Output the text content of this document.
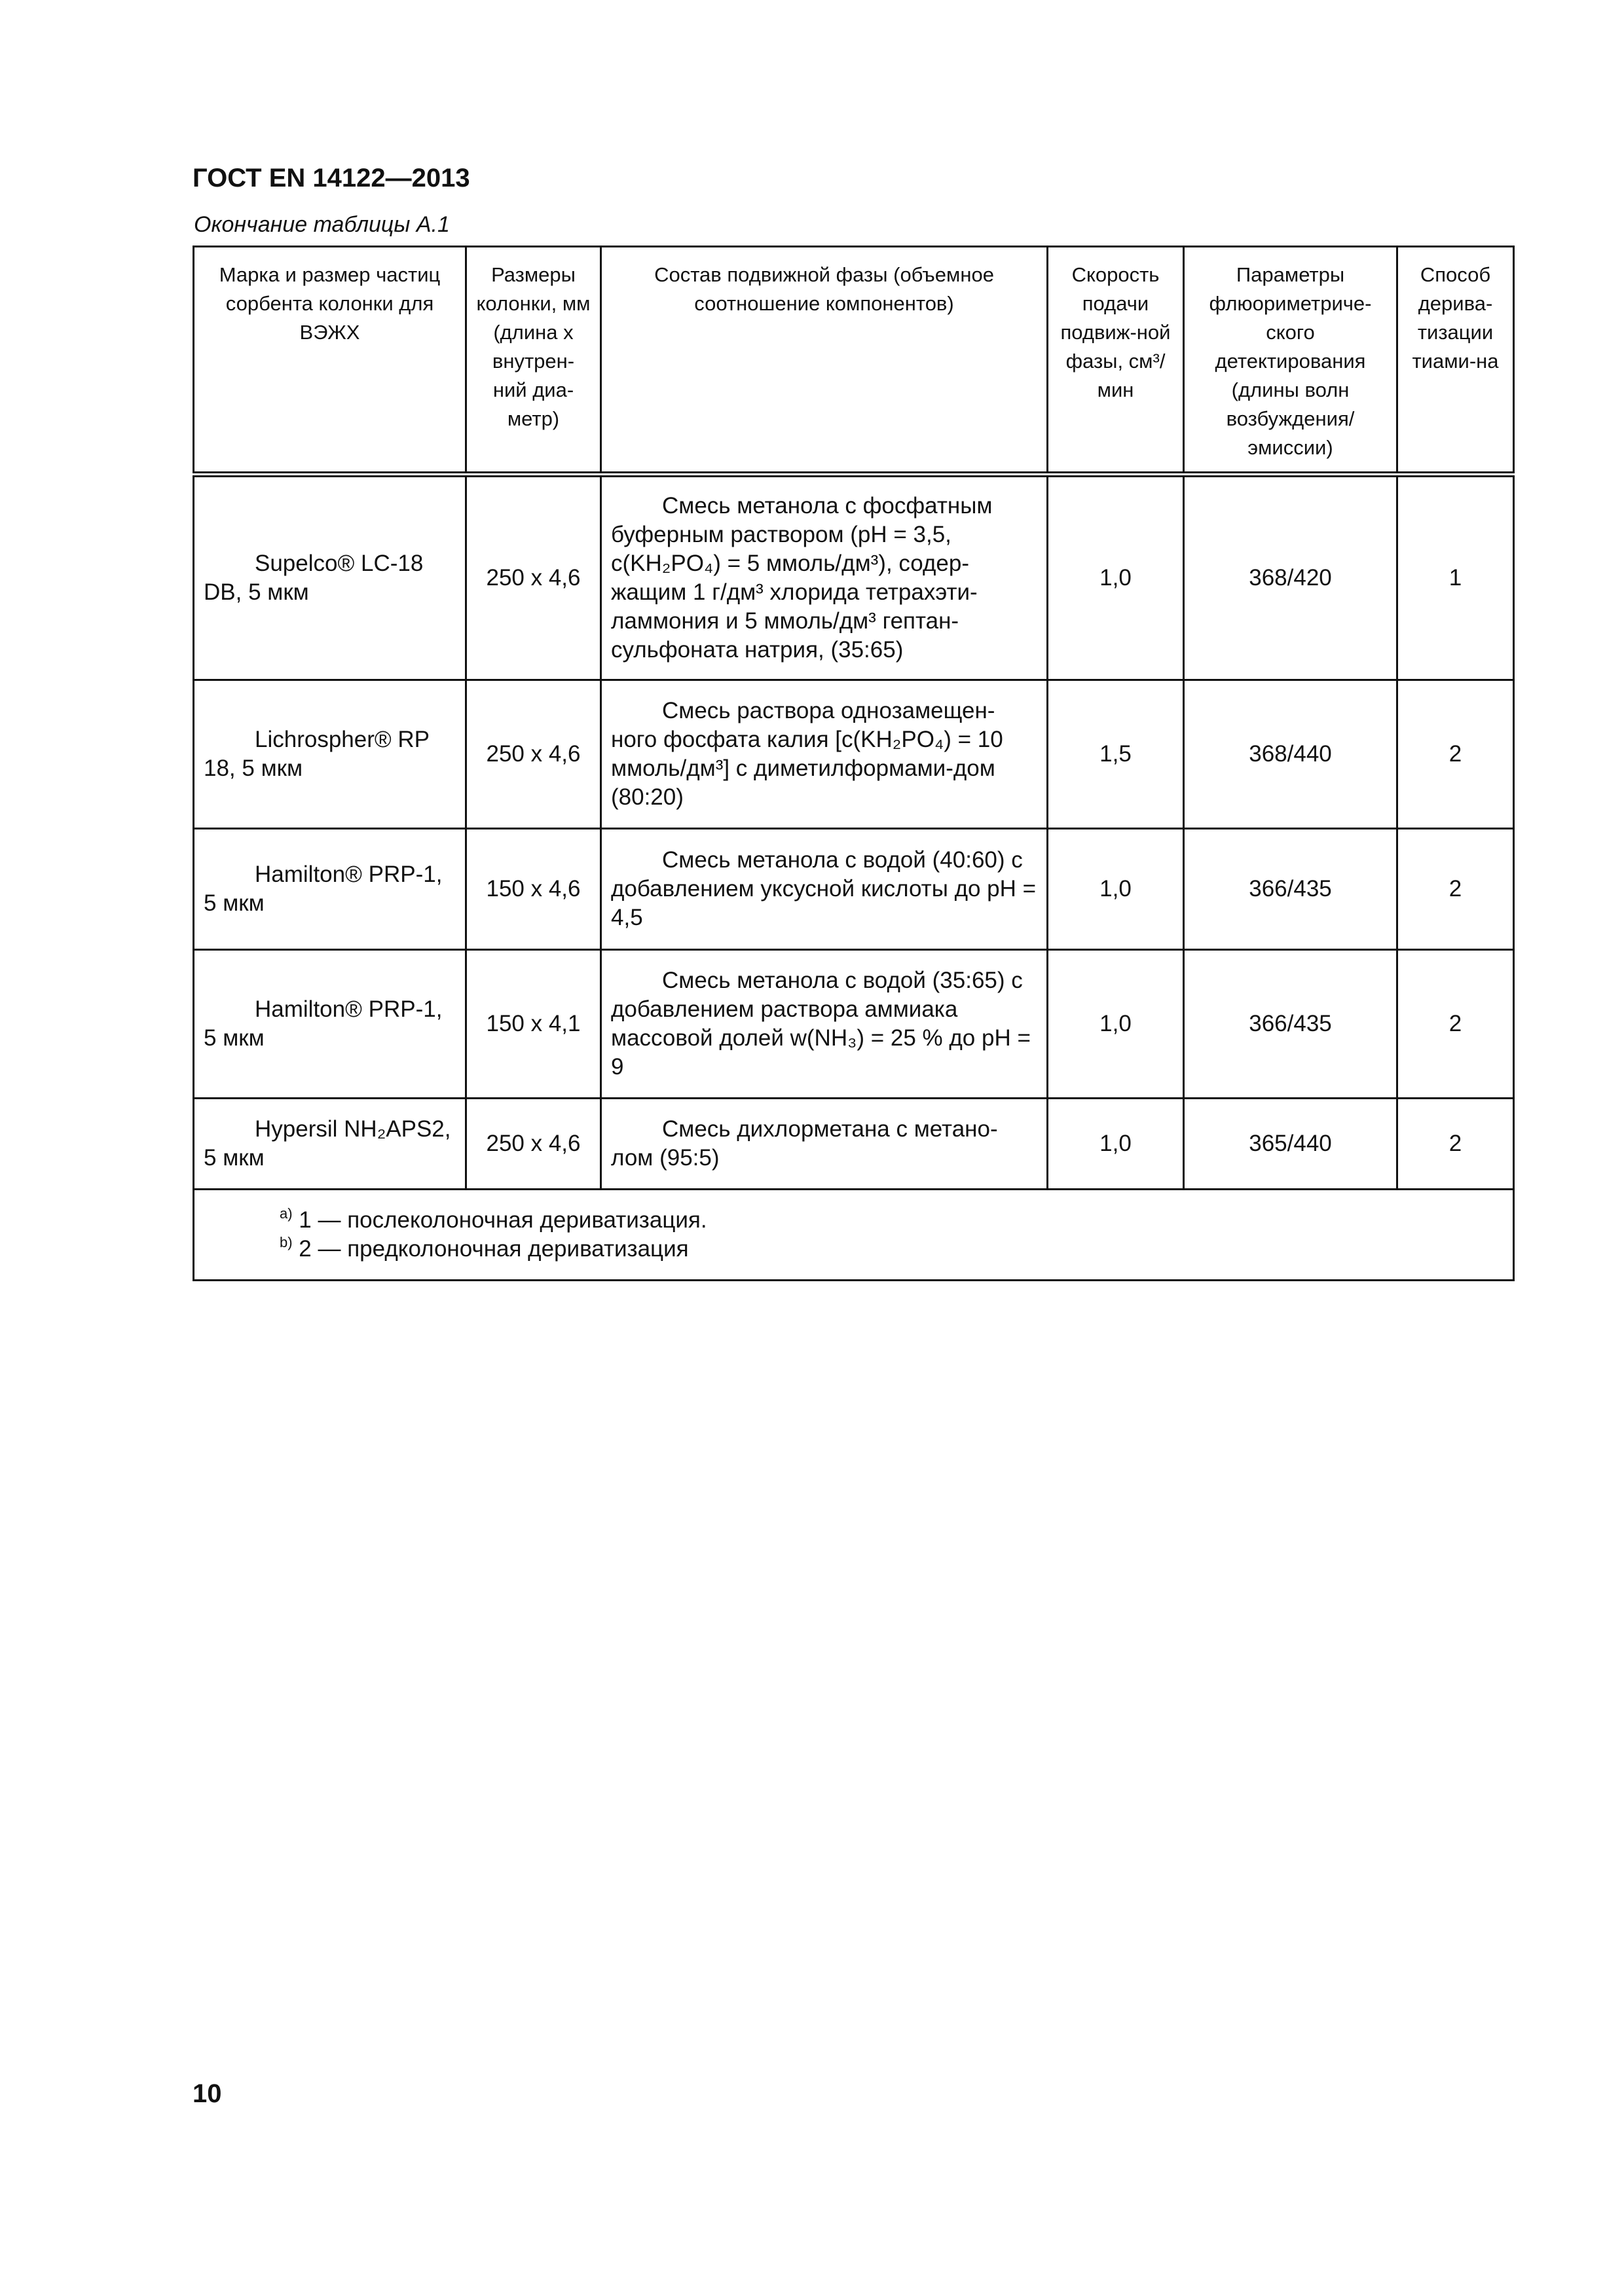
ГОСТ EN 14122—2013
Окончание таблицы А.1
Марка и размер частиц сорбента колонки для ВЭЖХ	Размеры колонки, мм (длина х внутрен-ний диа-метр)	Состав подвижной фазы (объемное соотношение компонентов)	Скорость подачи подвиж-ной фазы, см³/мин	Параметры флюориметриче-ского детектирования (длины волн возбуждения/ эмиссии)	Способ дерива-тизации тиами-на
Supelco® LC-18 DB, 5 мкм	250 x 4,6	Смесь метанола с фосфатным буферным раствором (pH = 3,5, c(KH₂PO₄) = 5 ммоль/дм³), содер-жащим 1 г/дм³ хлорида тетрахэти-ламмония и 5 ммоль/дм³ гептан-сульфоната натрия, (35:65)	1,0	368/420	1
Lichrospher® RP 18, 5 мкм	250 x 4,6	Смесь раствора однозамещен-ного фосфата калия [c(KH₂PO₄) = 10 ммоль/дм³] с диметилформами-дом (80:20)	1,5	368/440	2
Hamilton® PRP-1, 5 мкм	150 x 4,6	Смесь метанола с водой (40:60) с добавлением уксусной кислоты до pH = 4,5	1,0	366/435	2
Hamilton® PRP-1, 5 мкм	150 x 4,1	Смесь метанола с водой (35:65) с добавлением раствора аммиака массовой долей w(NH₃) = 25 % до pH = 9	1,0	366/435	2
Hypersil NH₂APS2, 5 мкм	250 x 4,6	Смесь дихлорметана с метано-лом (95:5)	1,0	365/440	2

$^{a)}$ 1 — послеколоночная дериватизация.
$^{b)}$ 2 — предколоночная дериватизация					
10
